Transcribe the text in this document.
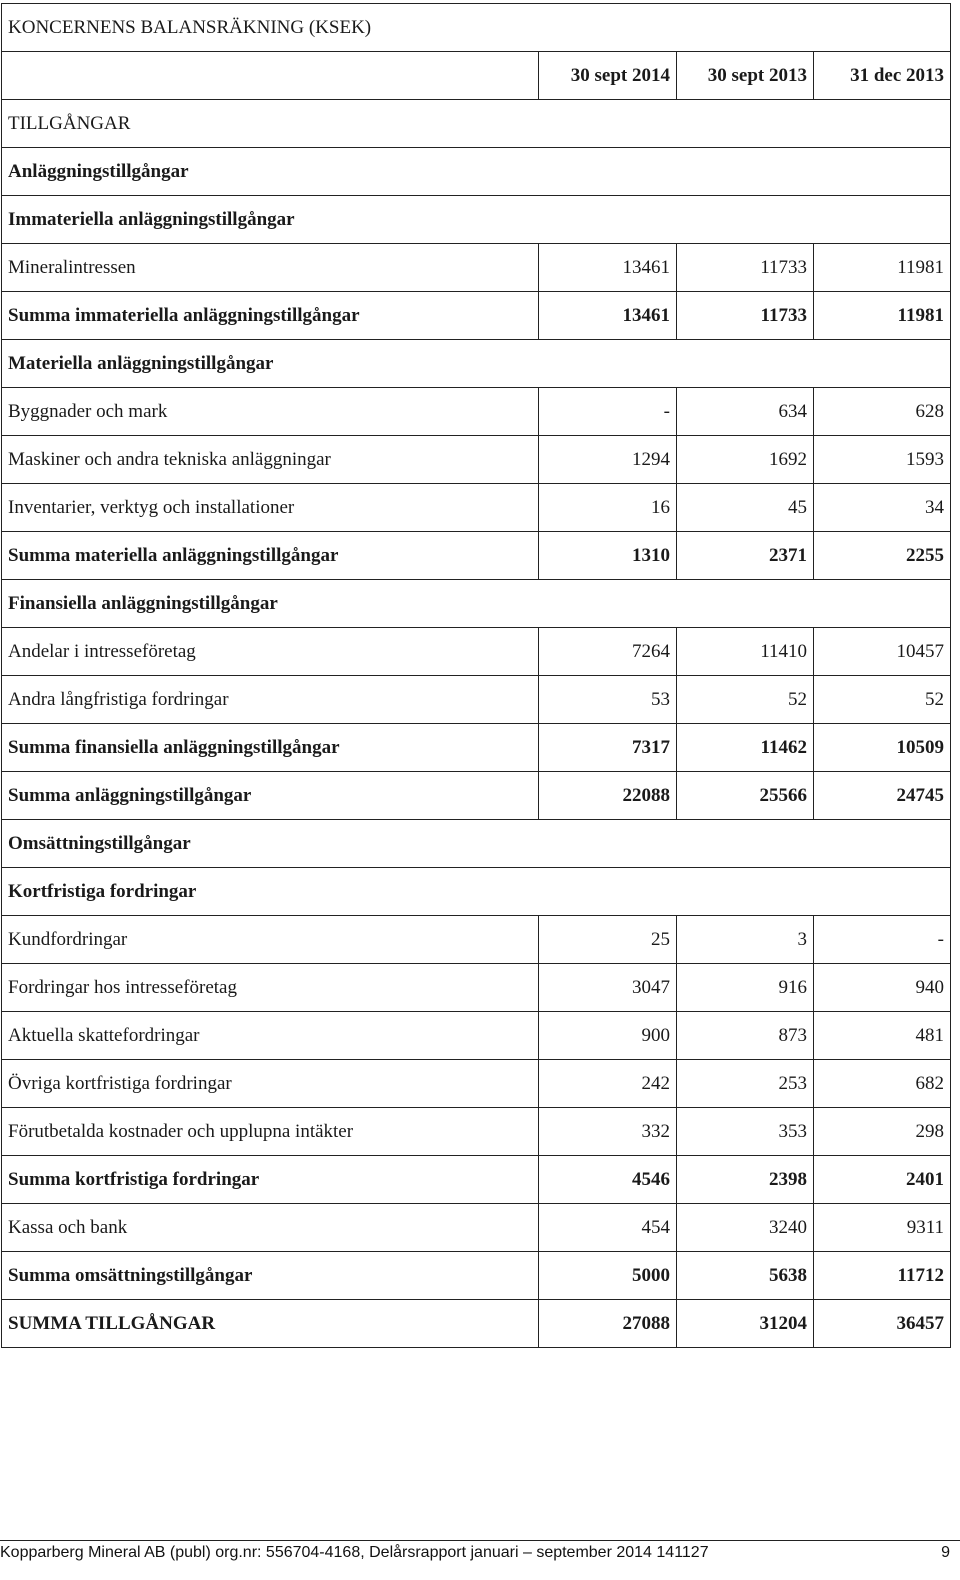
KONCERNENS BALANSRÄKNING (KSEK)			
	30 sept 2014	30 sept 2013	31 dec 2013
TILLGÅNGAR			
Anläggningstillgångar			
Immateriella anläggningstillgångar			
Mineralintressen	13461	11733	11981
Summa immateriella anläggningstillgångar	13461	11733	11981
Materiella anläggningstillgångar			
Byggnader och mark	-	634	628
Maskiner och andra tekniska anläggningar	1294	1692	1593
Inventarier, verktyg och installationer	16	45	34
Summa materiella anläggningstillgångar	1310	2371	2255
Finansiella anläggningstillgångar			
Andelar i intresseföretag	7264	11410	10457
Andra långfristiga fordringar	53	52	52
Summa finansiella anläggningstillgångar	7317	11462	10509
Summa anläggningstillgångar	22088	25566	24745
Omsättningstillgångar			
Kortfristiga fordringar			
Kundfordringar	25	3	-
Fordringar hos intresseföretag	3047	916	940
Aktuella skattefordringar	900	873	481
Övriga kortfristiga fordringar	242	253	682
Förutbetalda kostnader och upplupna intäkter	332	353	298
Summa kortfristiga fordringar	4546	2398	2401
Kassa och bank	454	3240	9311
Summa omsättningstillgångar	5000	5638	11712
SUMMA TILLGÅNGAR	27088	31204	36457
Kopparberg Mineral AB (publ) org.nr: 556704-4168, Delårsrapport januari – september 2014 141127	9
